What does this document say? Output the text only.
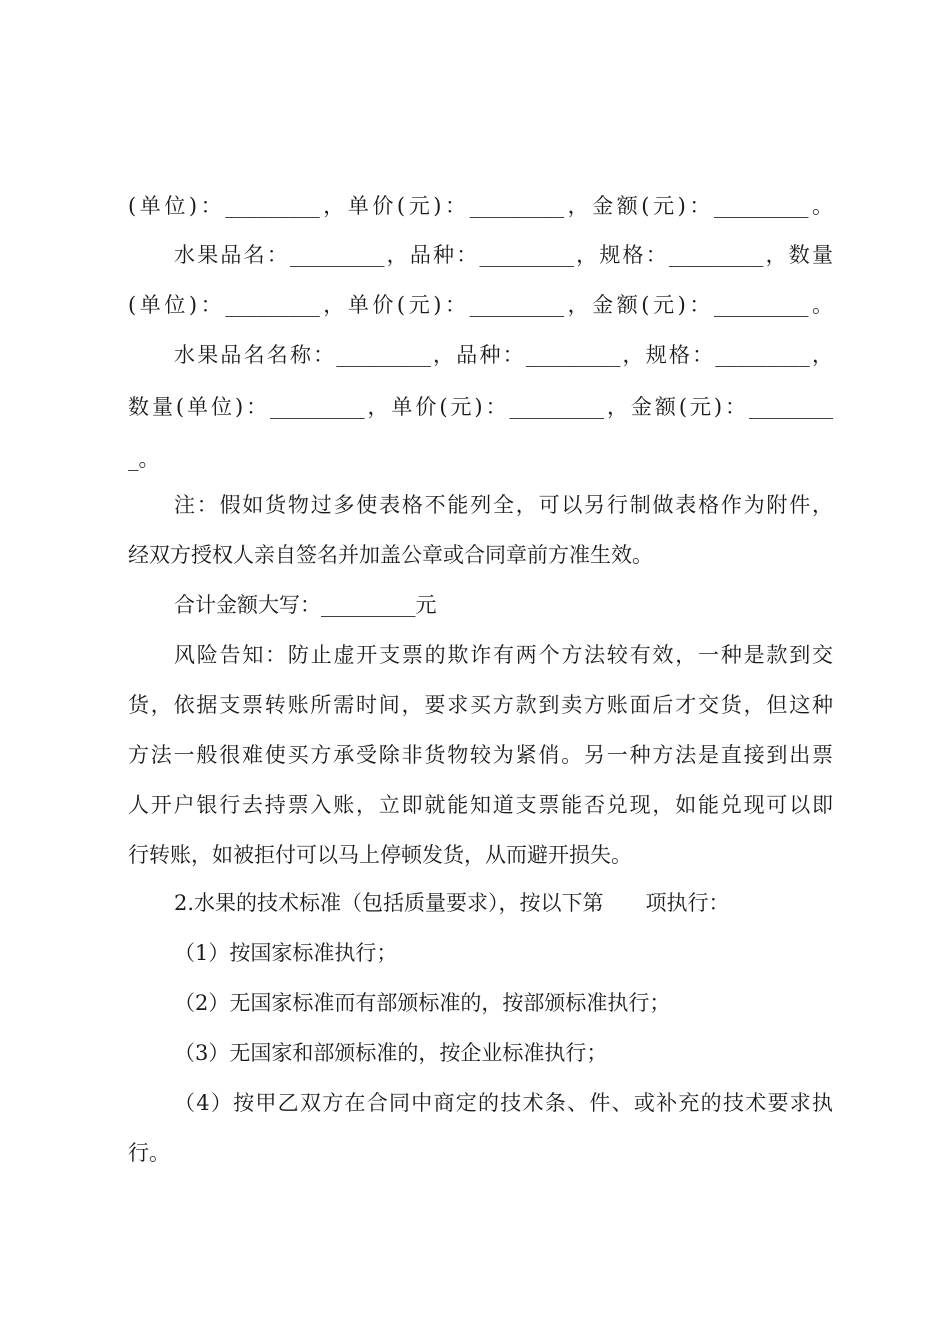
(单位)：_________，单价(元)：_________，金额(元)：_________。
水果品名：_________，品种：_________，规格：_________，数量
(单位)：_________，单价(元)：_________，金额(元)：_________。
水果品名名称：_________，品种：_________，规格：_________，
数量(单位)：_________，单价(元)：_________，金额(元)：________
_。
注：假如货物过多使表格不能列全，可以另行制做表格作为附件，
经双方授权人亲自签名并加盖公章或合同章前方准生效。
合计金额大写：_________元
风险告知：防止虚开支票的欺诈有两个方法较有效，一种是款到交
货，依据支票转账所需时间，要求买方款到卖方账面后才交货，但这种
方法一般很难使买方承受除非货物较为紧俏。另一种方法是直接到出票
人开户银行去持票入账，立即就能知道支票能否兑现，如能兑现可以即
行转账，如被拒付可以马上停顿发货，从而避开损失。
2.水果的技术标准（包括质量要求），按以下第　　项执行：
（1）按国家标准执行；
（2）无国家标准而有部颁标准的，按部颁标准执行；
（3）无国家和部颁标准的，按企业标准执行；
（4）按甲乙双方在合同中商定的技术条、件、或补充的技术要求执
行。
